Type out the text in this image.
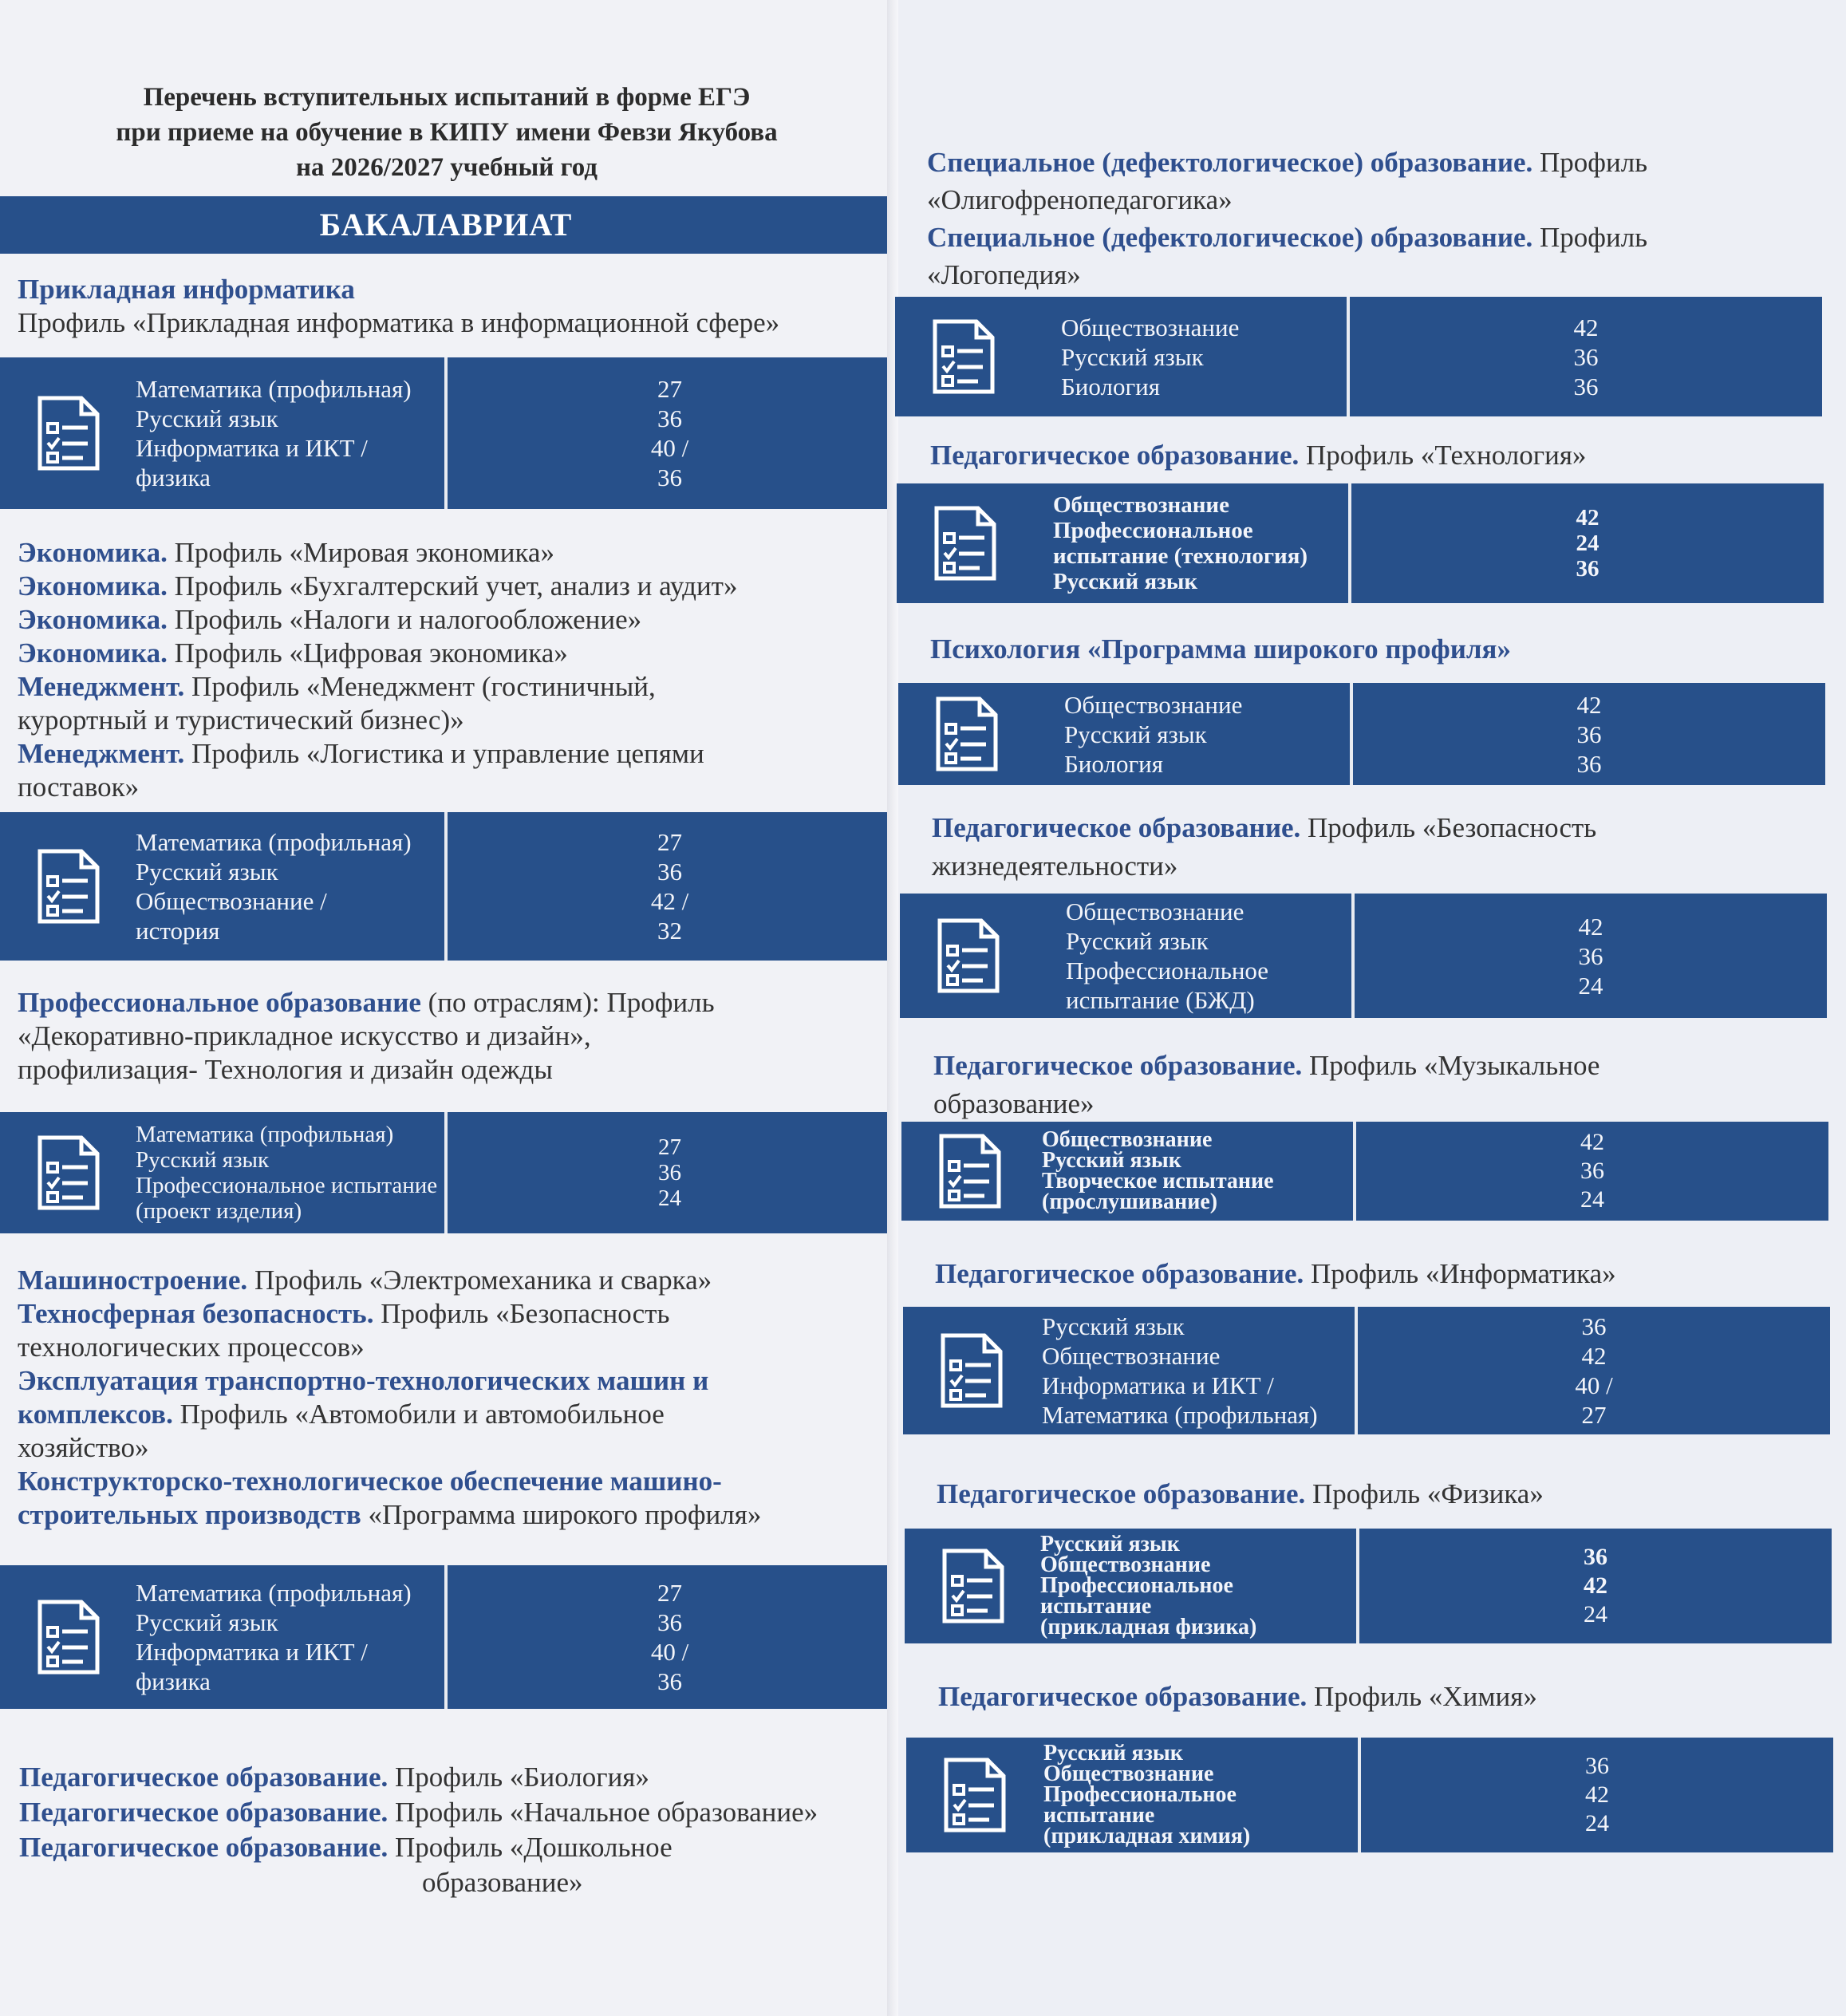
Перечень вступительных испытаний в форме ЕГЭ
при приеме на обучение в КИПУ имени Февзи Якубова
на 2026/2027 учебный год
БАКАЛАВРИАТ
Прикладная информатика
Профиль «Прикладная информатика в информационной сфере»
Математика (профильная)
Русский язык
Информатика и ИКТ /
физика
27
36
40 /
36
Экономика. Профиль «Мировая экономика»
Экономика. Профиль «Бухгалтерский учет, анализ и аудит»
Экономика. Профиль «Налоги и налогообложение»
Экономика. Профиль «Цифровая экономика»
Менеджмент. Профиль «Менеджмент (гостиничный,
курортный и туристический бизнес)»
Менеджмент. Профиль «Логистика и управление цепями
поставок»
Математика (профильная)
Русский язык
Обществознание /
история
27
36
42 /
32
Профессиональное образование (по отраслям): Профиль
«Декоративно-прикладное искусство и дизайн»,
профилизация- Технология и дизайн одежды
Математика (профильная)
Русский язык
Профессиональное испытание
(проект изделия)
27
36
24
Машиностроение. Профиль «Электромеханика и сварка»
Техносферная безопасность. Профиль «Безопасность
технологических процессов»
Эксплуатация транспортно-технологических машин и
комплексов. Профиль «Автомобили и автомобильное
хозяйство»
Конструкторско-технологическое обеспечение машино-
строительных производств «Программа широкого профиля»
Математика (профильная)
Русский язык
Информатика и ИКТ /
физика
27
36
40 /
36
Педагогическое образование. Профиль «Биология»
Педагогическое образование. Профиль «Начальное образование»
Педагогическое образование. Профиль «Дошкольное
образование»
Специальное (дефектологическое) образование. Профиль
«Олигофренопедагогика»
Специальное (дефектологическое) образование. Профиль
«Логопедия»
Обществознание
Русский язык
Биология
42
36
36
Педагогическое образование. Профиль «Технология»
Обществознание
Профессиональное
испытание (технология)
Русский язык
42
24
36
Психология «Программа широкого профиля»
Обществознание
Русский язык
Биология
42
36
36
Педагогическое образование. Профиль «Безопасность
жизнедеятельности»
Обществознание
Русский язык
Профессиональное
испытание (БЖД)
42
36
24
Педагогическое образование. Профиль «Музыкальное
образование»
Обществознание
Русский язык
Творческое испытание
(прослушивание)
42
36
24
Педагогическое образование. Профиль «Информатика»
Русский язык
Обществознание
Информатика и ИКТ /
Математика (профильная)
36
42
40 /
27
Педагогическое образование. Профиль «Физика»
Русский язык
Обществознание
Профессиональное
испытание
(прикладная физика)
36
42
24
Педагогическое образование. Профиль «Химия»
Русский язык
Обществознание
Профессиональное
испытание
(прикладная химия)
36
42
24
